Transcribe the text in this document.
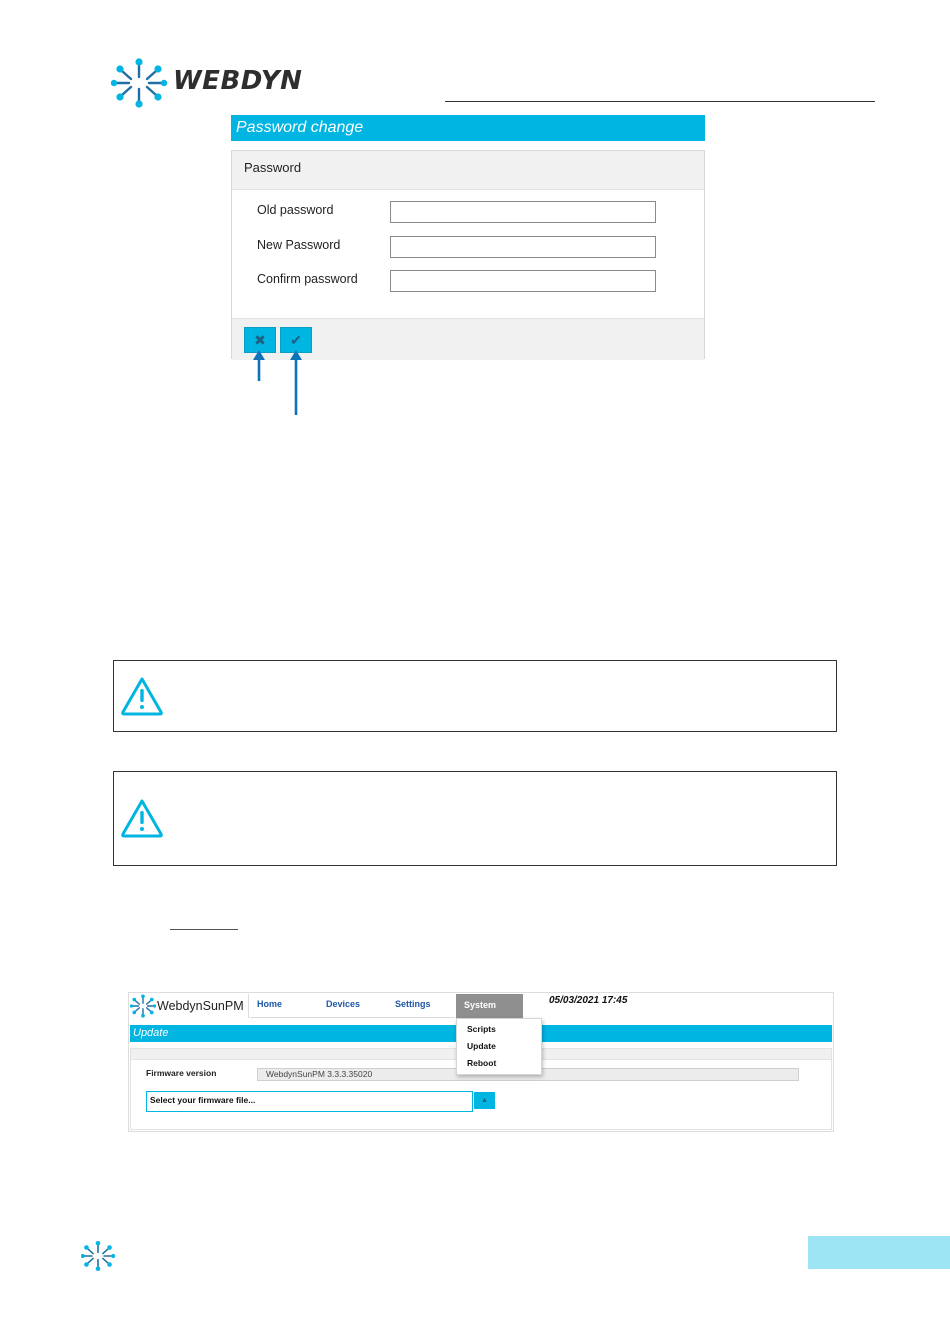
WEBDYN
Password change
Password
Old password
New Password
Confirm password
✖	✔
WebdynSunPM Home	Devices	Settings	System	05/03/2021 17:45
Update
Firmware version	WebdynSunPM 3.3.3.35020
Select your firmware file...	▲
Scripts
Update
Reboot
